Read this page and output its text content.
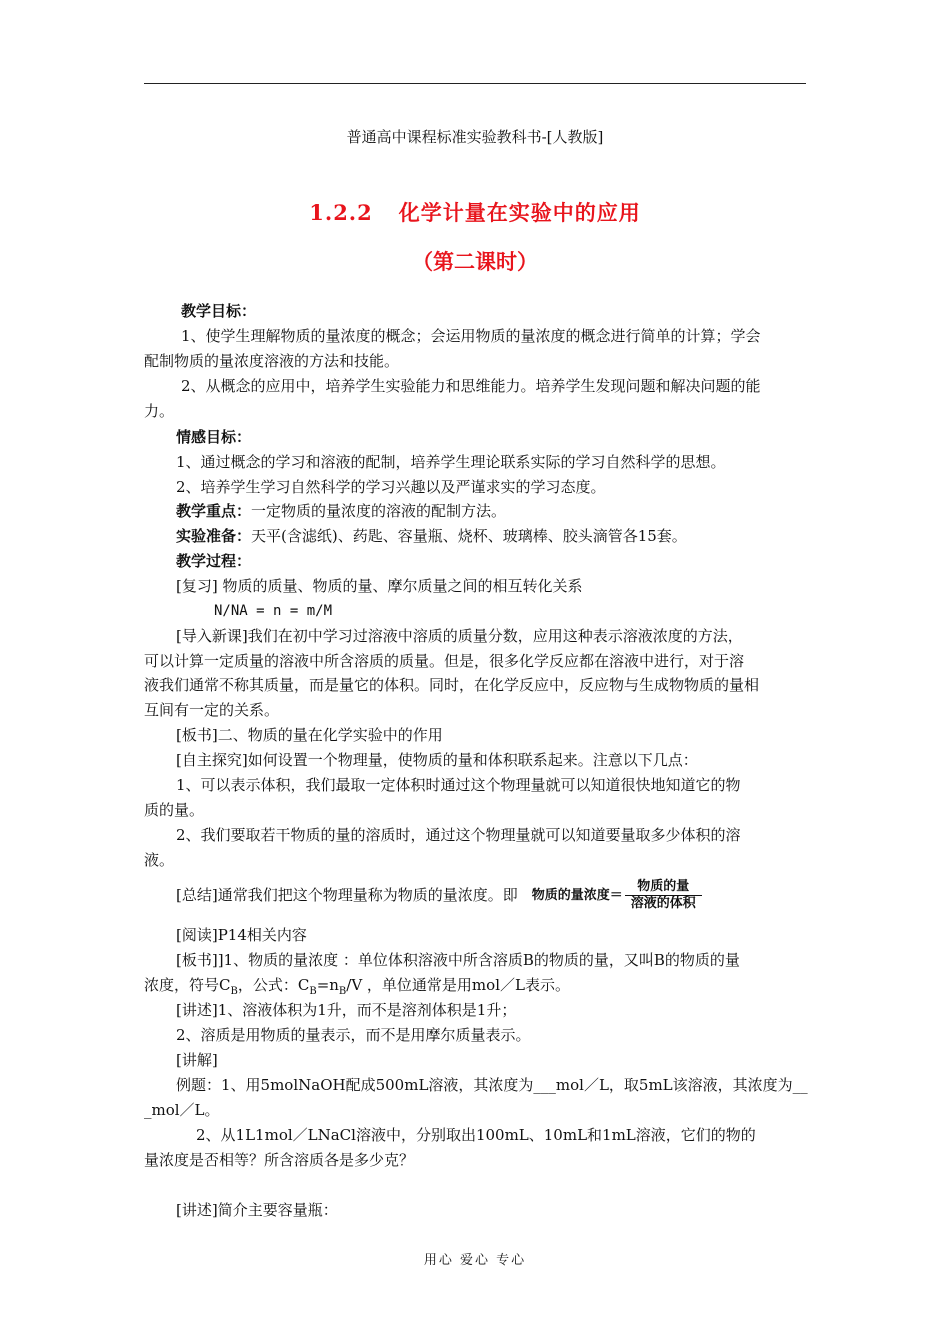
普通高中课程标准实验教科书-[人教版]
1.2.2 化学计量在实验中的应用
（第二课时）
教学目标：
1、使学生理解物质的量浓度的概念；会运用物质的量浓度的概念进行简单的计算；学会
配制物质的量浓度溶液的方法和技能。
2、从概念的应用中，培养学生实验能力和思维能力。培养学生发现问题和解决问题的能
力。
情感目标：
1、通过概念的学习和溶液的配制，培养学生理论联系实际的学习自然科学的思想。
2、培养学生学习自然科学的学习兴趣以及严谨求实的学习态度。
教学重点：一定物质的量浓度的溶液的配制方法。
实验准备：天平(含滤纸)、药匙、容量瓶、烧杯、玻璃棒、胶头滴管各15套。
教学过程：
[复习] 物质的质量、物质的量、摩尔质量之间的相互转化关系
N/NA = n = m/M
[导入新课]我们在初中学习过溶液中溶质的质量分数，应用这种表示溶液浓度的方法，
可以计算一定质量的溶液中所含溶质的质量。但是，很多化学反应都在溶液中进行，对于溶
液我们通常不称其质量，而是量它的体积。同时，在化学反应中，反应物与生成物物质的量相
互间有一定的关系。
[板书]二、物质的量在化学实验中的作用
[自主探究]如何设置一个物理量，使物质的量和体积联系起来。注意以下几点：
1、可以表示体积，我们最取一定体积时通过这个物理量就可以知道很快地知道它的物
质的量。
2、我们要取若干物质的量的溶质时，通过这个物理量就可以知道要量取多少体积的溶
液。
[总结]通常我们把这个物理量称为物质的量浓度。即 物质的量浓度＝ $\frac{\text{物质的量}}{\text{溶液的体积}}$
[阅读]P14相关内容
[板书]]1、物质的量浓度 ：单位体积溶液中所含溶质B的物质的量，又叫B的物质的量
浓度，符号$C_B$，公式：$C_B=n_B/V$ ，单位通常是用mol／L表示。
[讲述]1、溶液体积为1升，而不是溶剂体积是1升；
2、溶质是用物质的量表示，而不是用摩尔质量表示。
[讲解]
例题：1、用5molNaOH配成500mL溶液，其浓度为___mol／L，取5mL该溶液，其浓度为__
_mol／L。
2、从1L1mol／LNaCl溶液中，分别取出100mL、10mL和1mL溶液，它们的物的
量浓度是否相等？所含溶质各是多少克？
[讲述]简介主要容量瓶：
用心 爱心 专心
